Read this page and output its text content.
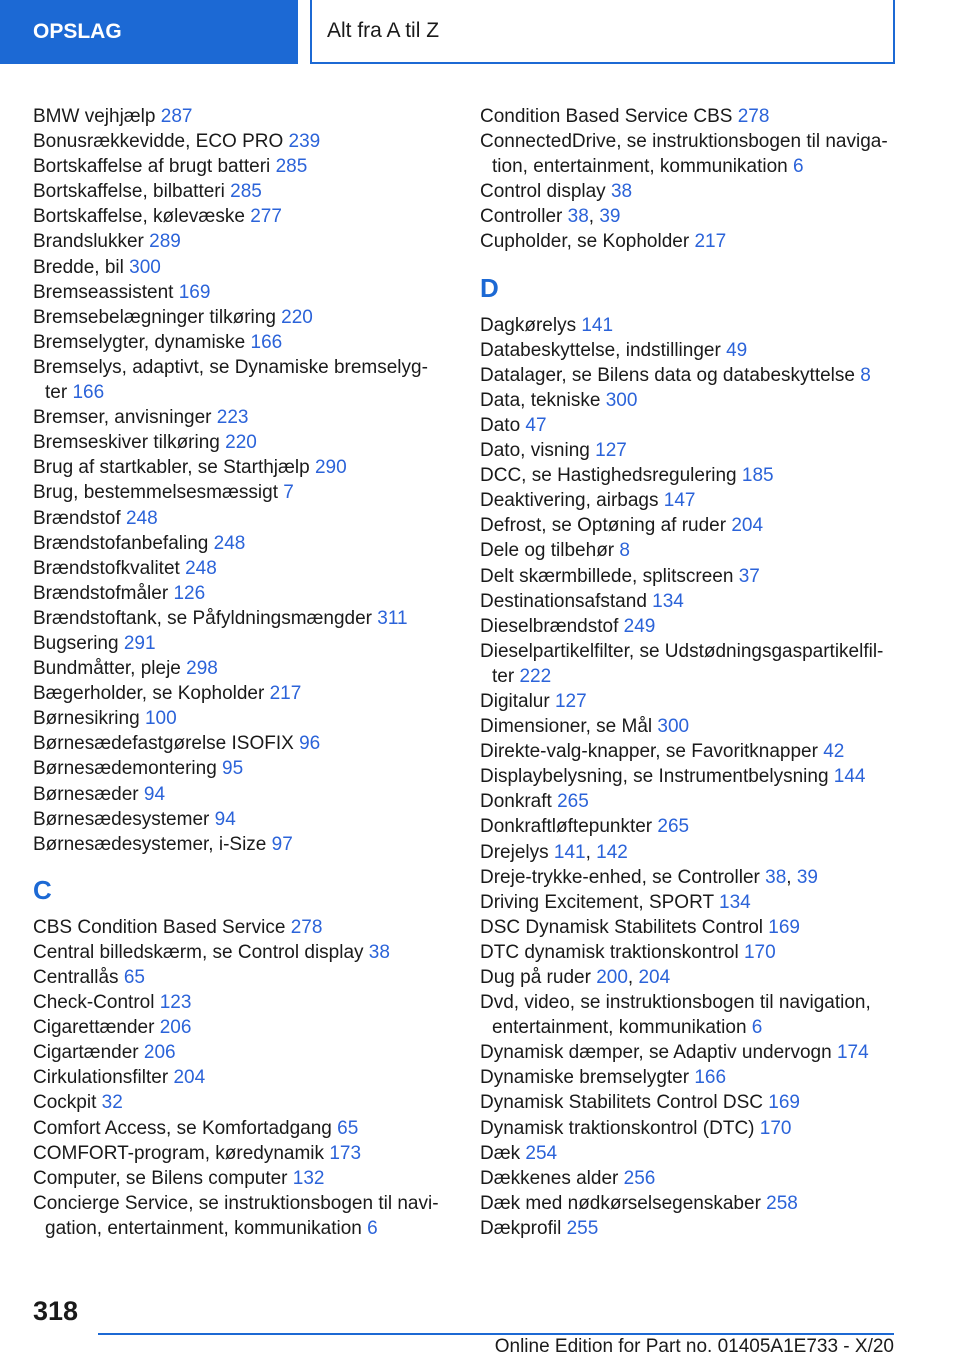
OPSLAG	Alt fra A til Z
BMW vejhjælp 287
Bonusrækkevidde, ECO PRO 239
Bortskaffelse af brugt batteri 285
Bortskaffelse, bilbatteri 285
Bortskaffelse, kølevæske 277
Brandslukker 289
Bredde, bil 300
Bremseassistent 169
Bremsebelægninger tilkøring 220
Bremselygter, dynamiske 166
Bremselys, adaptivt, se Dynamiske bremselyg‐ter 166
Bremser, anvisninger 223
Bremseskiver tilkøring 220
Brug af startkabler, se Starthjælp 290
Brug, bestemmelsesmæssigt 7
Brændstof 248
Brændstofanbefaling 248
Brændstofkvalitet 248
Brændstofmåler 126
Brændstoftank, se Påfyldningsmængder 311
Bugsering 291
Bundmåtter, pleje 298
Bægerholder, se Kopholder 217
Børnesikring 100
Børnesædefastgørelse ISOFIX 96
Børnesædemontering 95
Børnesæder 94
Børnesædesystemer 94
Børnesædesystemer, i-Size 97
C
CBS Condition Based Service 278
Central billedskærm, se Control display 38
Centrallås 65
Check-Control 123
Cigarettænder 206
Cigartænder 206
Cirkulationsfilter 204
Cockpit 32
Comfort Access, se Komfortadgang 65
COMFORT-program, køredynamik 173
Computer, se Bilens computer 132
Concierge Service, se instruktionsbogen til navi‐gation, entertainment, kommunikation 6
Condition Based Service CBS 278
ConnectedDrive, se instruktionsbogen til naviga‐tion, entertainment, kommunikation 6
Control display 38
Controller 38, 39
Cupholder, se Kopholder 217
D
Dagkørelys 141
Databeskyttelse, indstillinger 49
Datalager, se Bilens data og databeskyttelse 8
Data, tekniske 300
Dato 47
Dato, visning 127
DCC, se Hastighedsregulering 185
Deaktivering, airbags 147
Defrost, se Optøning af ruder 204
Dele og tilbehør 8
Delt skærmbillede, splitscreen 37
Destinationsafstand 134
Dieselbrændstof 249
Dieselpartikelfilter, se Udstødningsgaspartikelfil‐ter 222
Digitalur 127
Dimensioner, se Mål 300
Direkte-valg-knapper, se Favoritknapper 42
Displaybelysning, se Instrumentbelysning 144
Donkraft 265
Donkraftløftepunkter 265
Drejelys 141, 142
Dreje-trykke-enhed, se Controller 38, 39
Driving Excitement, SPORT 134
DSC Dynamisk Stabilitets Control 169
DTC dynamisk traktionskontrol 170
Dug på ruder 200, 204
Dvd, video, se instruktionsbogen til navigation, entertainment, kommunikation 6
Dynamisk dæmper, se Adaptiv undervogn 174
Dynamiske bremselygter 166
Dynamisk Stabilitets Control DSC 169
Dynamisk traktionskontrol (DTC) 170
Dæk 254
Dækkenes alder 256
Dæk med nødkørselsegenskaber 258
Dækprofil 255
318
Online Edition for Part no. 01405A1E733 - X/20
